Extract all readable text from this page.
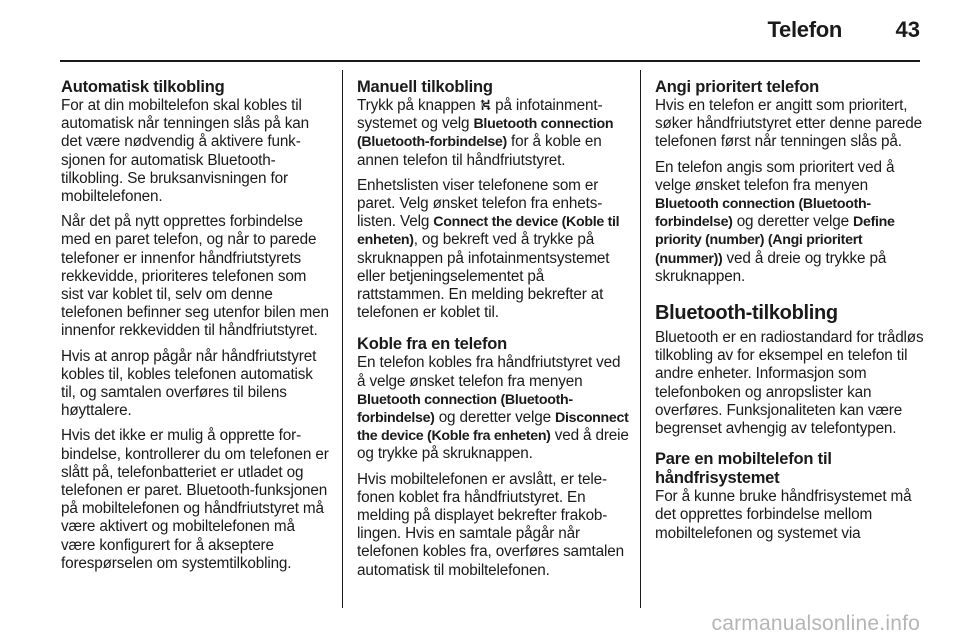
Telefon 43
Automatisk tilkobling

For at din mobiltelefon skal kobles til automatisk når tenningen slås på kan det være nødvendig å aktivere funksjonen for automatisk Bluetooth-tilkobling. Se bruksanvisningen for mobiltelefonen.

Når det på nytt opprettes forbindelse med en paret telefon, og når to parede telefoner er innenfor håndfriutstyrets rekkevidde, prioriteres telefonen som sist var koblet til, selv om denne telefonen befinner seg utenfor bilen men innenfor rekkevidden til håndfriutstyret.

Hvis at anrop pågår når håndfriutstyret kobles til, kobles telefonen automatisk til, og samtalen overføres til bilens høyttalere.

Hvis det ikke er mulig å opprette forbindelse, kontrollerer du om telefonen er slått på, telefonbatteriet er utladet og telefonen er paret. Bluetooth-funksjonen på mobiltelefonen og håndfriutstyret må være aktivert og mobiltelefonen må være konfigurert for å akseptere forespørselen om systemtilkobling.

Manuell tilkobling

Trykk på knappen ⛕ på infotainmentsystemet og velg Bluetooth connection (Bluetooth-forbindelse) for å koble en annen telefon til håndfriutstyret.

Enhetslisten viser telefonene som er paret. Velg ønsket telefon fra enhetslisten. Velg Connect the device (Koble til enheten), og bekreft ved å trykke på skruknappen på infotainmentsystemet eller betjeningselementet på rattstammen. En melding bekrefter at telefonen er koblet til.

Koble fra en telefon

En telefon kobles fra håndfriutstyret ved å velge ønsket telefon fra menyen Bluetooth connection (Bluetooth-forbindelse) og deretter velge Disconnect the device (Koble fra enheten) ved å dreie og trykke på skruknappen.

Hvis mobiltelefonen er avslått, er telefonen koblet fra håndfriutstyret. En melding på displayet bekrefter frakoblingen. Hvis en samtale pågår når telefonen kobles fra, overføres samtalen automatisk til mobiltelefonen.

Angi prioritert telefon

Hvis en telefon er angitt som prioritert, søker håndfriutstyret etter denne parede telefonen først når tenningen slås på.

En telefon angis som prioritert ved å velge ønsket telefon fra menyen Bluetooth connection (Bluetooth-forbindelse) og deretter velge Define priority (number) (Angi prioritert (nummer)) ved å dreie og trykke på skruknappen.

Bluetooth-tilkobling

Bluetooth er en radiostandard for trådløs tilkobling av for eksempel en telefon til andre enheter. Informasjon som telefonboken og anropslister kan overføres. Funksjonaliteten kan være begrenset avhengig av telefontypen.

Pare en mobiltelefon til håndfrisystemet

For å kunne bruke håndfrisystemet må det opprettes forbindelse mellom mobiltelefonen og systemet via

carmanualsonline.info
